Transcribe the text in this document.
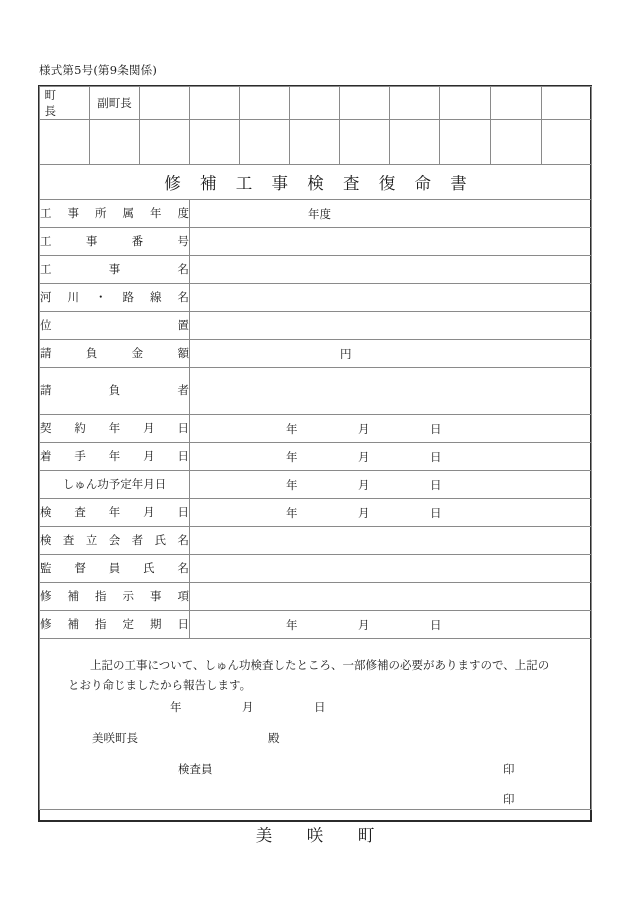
様式第5号(第9条関係)
町　　長	副町長									

修 補 工 事 検 査 復 命 書										

工 事 所 属 年 度			年度							

工 事 番 号										

工 事 名										

河 川 ・ 路 線 名										

位 置										

請 負 金 額			円							

請 負 者										

契 約 年 月 日			年 月 日							

着 手 年 月 日			年 月 日							

しゅん功予定年月日			年 月 日							

検 査 年 月 日			年 月 日							

検 査 立 会 者 氏 名										

監 督 員 氏 名										

修 補 指 示 事 項										

修 補 指 定 期 日			年 月 日							

上記の工事について、しゅん功検査したところ、一部修補の必要がありますので、上記のとおり命じましたから報告します。
年	月	日
美咲町長	殿
検査員	印
印
美　咲　町
